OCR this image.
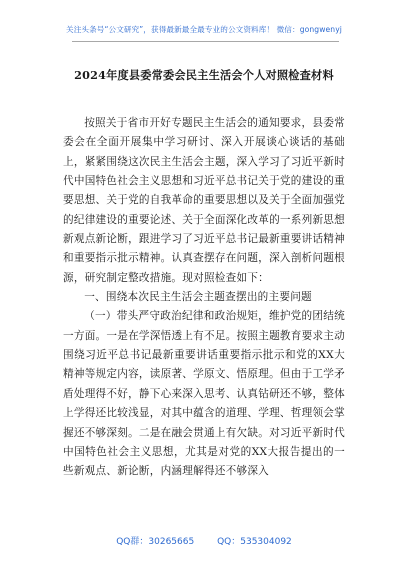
关注头条号“公文研究”，获得最新最全最专业的公文资料库！ 微信：gongwenyj
2024年度县委常委会民主生活会个人对照检查材料

按照关于省市开好专题民主生活会的通知要求，县委常委会在全面开展集中学习研讨、深入开展谈心谈话的基础上，紧紧围绕这次民主生活会主题，深入学习了习近平新时代中国特色社会主义思想和习近平总书记关于党的建设的重要思想、关于党的自我革命的重要思想以及关于全面加强党的纪律建设的重要论述、关于全面深化改革的一系列新思想新观点新论断，跟进学习了习近平总书记最新重要讲话精神和重要指示批示精神。认真查摆存在问题，深入剖析问题根源，研究制定整改措施。现对照检查如下：

一、围绕本次民主生活会主题查摆出的主要问题

（一）带头严守政治纪律和政治规矩，维护党的团结统一方面。一是在学深悟透上有不足。按照主题教育要求主动围绕习近平总书记最新重要讲话重要指示批示和党的XX大精神等规定内容，读原著、学原文、悟原理。但由于工学矛盾处理得不好，静下心来深入思考、认真钻研还不够，整体上学得还比较浅显，对其中蕴含的道理、学理、哲理领会掌握还不够深刻。二是在融会贯通上有欠缺。对习近平新时代中国特色社会主义思想，尤其是对党的XX大报告提出的一些新观点、新论断，内涵理解得还不够深入

QQ群：30265665	QQ：535304092
